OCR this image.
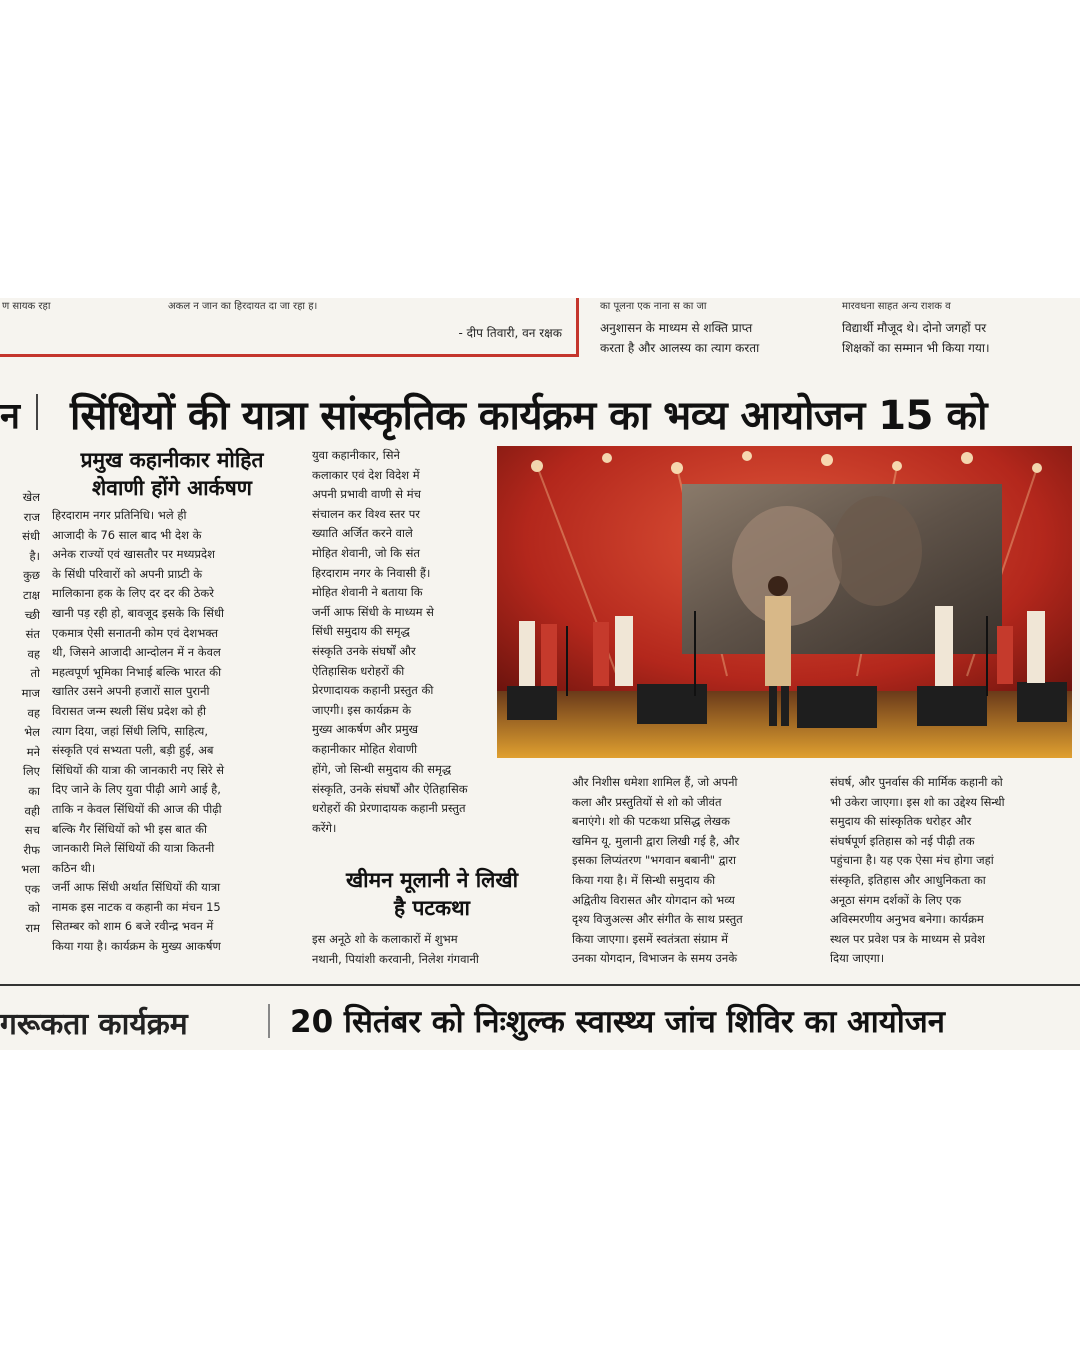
ण सायक रहा	अकल न जान का हिरदायत दा जा रहा ह।
- दीप तिवारी, वन रक्षक
का पूलना एक नाना स का जा	मारवधना साहत अन्य राशक व
अनुशासन के माध्यम से शक्ति प्राप्त
करता है और आलस्य का त्याग करता
विद्यार्थी मौजूद थे। दोनो जगहों पर
शिक्षकों का सम्मान भी किया गया।
न सिंधियों की यात्रा सांस्कृतिक कार्यक्रम का भव्य आयोजन 15 को
खेल
राज
संधी
है।
कुछ
टाक्ष
च्छी
संत
वह
तो
माज
वह
भेल
मने
लिए
का
वही
सच
रीफ
भला
एक
को
राम
प्रमुख कहानीकार मोहित
शेवाणी होंगे आर्कषण
हिरदाराम नगर प्रतिनिधि। भले ही
आजादी के 76 साल बाद भी देश के
अनेक राज्यों एवं खासतौर पर मध्यप्रदेश
के सिंधी परिवारों को अपनी प्राप्र्टी के
मालिकाना हक के लिए दर दर की ठेकरे
खानी पड़ रही हो, बावजूद इसके कि सिंधी
एकमात्र ऐसी सनातनी कोम एवं देशभक्त
थी, जिसने आजादी आन्दोलन में न केवल
महत्वपूर्ण भूमिका निभाई बल्कि भारत की
खातिर उसने अपनी हजारों साल पुरानी
विरासत जन्म स्थली सिंध प्रदेश को ही
त्याग दिया, जहां सिंधी लिपि, साहित्य,
संस्कृति एवं सभ्यता पली, बड़ी हुई, अब
सिंधियों की यात्रा की जानकारी नए सिरे से
दिए जाने के लिए युवा पीढ़ी आगे आई है,
ताकि न केवल सिंधियों की आज की पीढ़ी
बल्कि गैर सिंधियों को भी इस बात की
जानकारी मिले सिंधियों की यात्रा कितनी
कठिन थी।
जर्नी आफ सिंधी अर्थात सिंधियों की यात्रा
नामक इस नाटक व कहानी का मंचन 15
सितम्बर को शाम 6 बजे रवीन्द्र भवन में
किया गया है। कार्यक्रम के मुख्य आकर्षण
युवा कहानीकार, सिने
कलाकार एवं देश विदेश में
अपनी प्रभावी वाणी से मंच
संचालन कर विश्व स्तर पर
ख्याति अर्जित करने वाले
मोहित शेवानी, जो कि संत
हिरदाराम नगर के निवासी हैं।
मोहित शेवानी ने बताया कि
जर्नी आफ सिंधी के माध्यम से
सिंधी समुदाय की समृद्ध
संस्कृति उनके संघर्षों और
ऐतिहासिक धरोहरों की
प्रेरणादायक कहानी प्रस्तुत की
जाएगी। इस कार्यक्रम के
मुख्य आकर्षण और प्रमुख
कहानीकार मोहित शेवाणी
होंगे, जो सिन्धी समुदाय की समृद्ध
संस्कृति, उनके संघर्षों और ऐतिहासिक
धरोहरों की प्रेरणादायक कहानी प्रस्तुत
करेंगे।
खीमन मूलानी ने लिखी
है पटकथा
इस अनूठे शो के कलाकारों में शुभम
नथानी, पियांशी करवानी, निलेश गंगवानी
और निशीस धमेशा शामिल हैं, जो अपनी
कला और प्रस्तुतियों से शो को जीवंत
बनाएंगे। शो की पटकथा प्रसिद्ध लेखक
खमिन यू. मुलानी द्वारा लिखी गई है, और
इसका लिप्यंतरण "भगवान बबानी" द्वारा
किया गया है। में सिन्धी समुदाय की
अद्वितीय विरासत और योगदान को भव्य
दृश्य विजुअल्स और संगीत के साथ प्रस्तुत
किया जाएगा। इसमें स्वतंत्रता संग्राम में
उनका योगदान, विभाजन के समय उनके
संघर्ष, और पुनर्वास की मार्मिक कहानी को
भी उकेरा जाएगा। इस शो का उद्देश्य सिन्धी
समुदाय की सांस्कृतिक धरोहर और
संघर्षपूर्ण इतिहास को नई पीढ़ी तक
पहुंचाना है। यह एक ऐसा मंच होगा जहां
संस्कृति, इतिहास और आधुनिकता का
अनूठा संगम दर्शकों के लिए एक
अविस्मरणीय अनुभव बनेगा। कार्यक्रम
स्थल पर प्रवेश पत्र के माध्यम से प्रवेश
दिया जाएगा।
गरूकता कार्यक्रम	20 सितंबर को निःशुल्क स्वास्थ्य जांच शिविर का आयोजन
